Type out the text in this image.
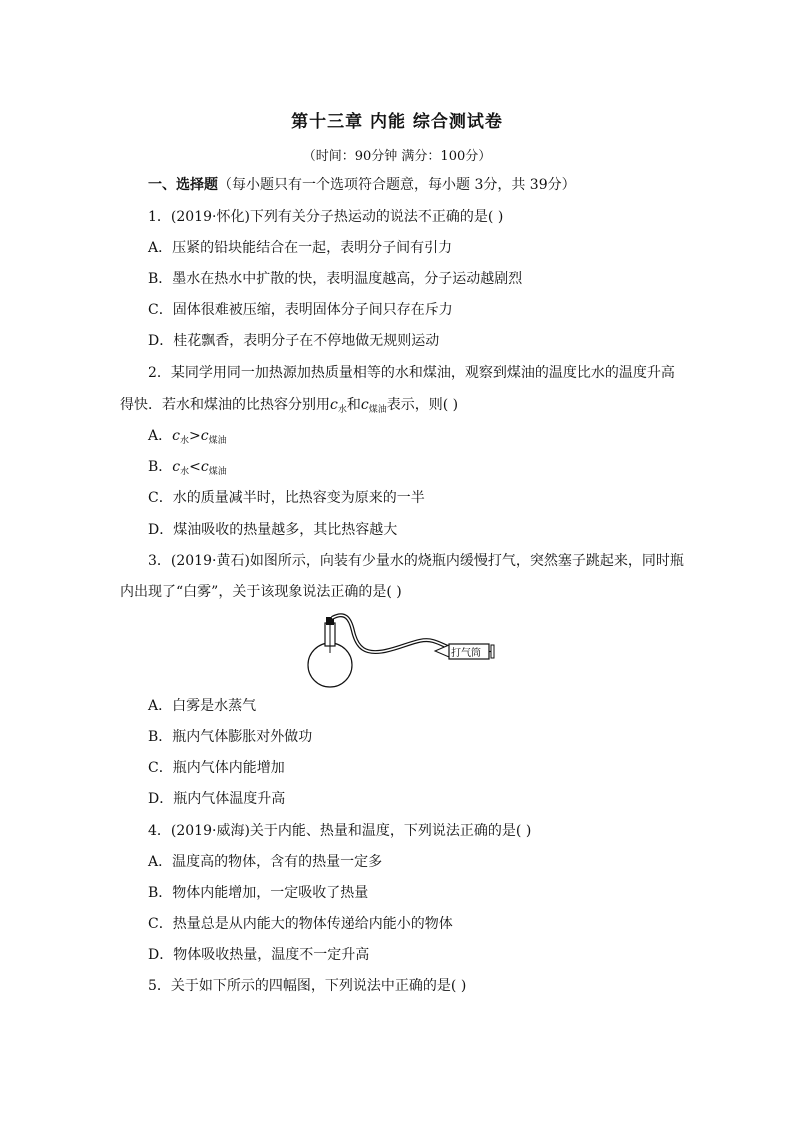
第十三章 内能 综合测试卷
（时间：90分钟 满分：100分）
一、选择题（每小题只有一个选项符合题意，每小题 3分，共 39分）
1．(2019·怀化)下列有关分子热运动的说法不正确的是( )
A．压紧的铅块能结合在一起，表明分子间有引力
B．墨水在热水中扩散的快，表明温度越高，分子运动越剧烈
C．固体很难被压缩，表明固体分子间只存在斥力
D．桂花飘香，表明分子在不停地做无规则运动
2．某同学用同一加热源加热质量相等的水和煤油，观察到煤油的温度比水的温度升高
得快．若水和煤油的比热容分别用$c_水$和$c_{煤油}$表示，则( )
A．$c_水>c_{煤油}$
B．$c_水<c_{煤油}$
C．水的质量减半时，比热容变为原来的一半
D．煤油吸收的热量越多，其比热容越大
3．(2019·黄石)如图所示，向装有少量水的烧瓶内缓慢打气，突然塞子跳起来，同时瓶
内出现了“白雾”，关于该现象说法正确的是( )
打气筒
A．白雾是水蒸气
B．瓶内气体膨胀对外做功
C．瓶内气体内能增加
D．瓶内气体温度升高
4．(2019·威海)关于内能、热量和温度，下列说法正确的是( )
A．温度高的物体，含有的热量一定多
B．物体内能增加，一定吸收了热量
C．热量总是从内能大的物体传递给内能小的物体
D．物体吸收热量，温度不一定升高
5．关于如下所示的四幅图，下列说法中正确的是( )
